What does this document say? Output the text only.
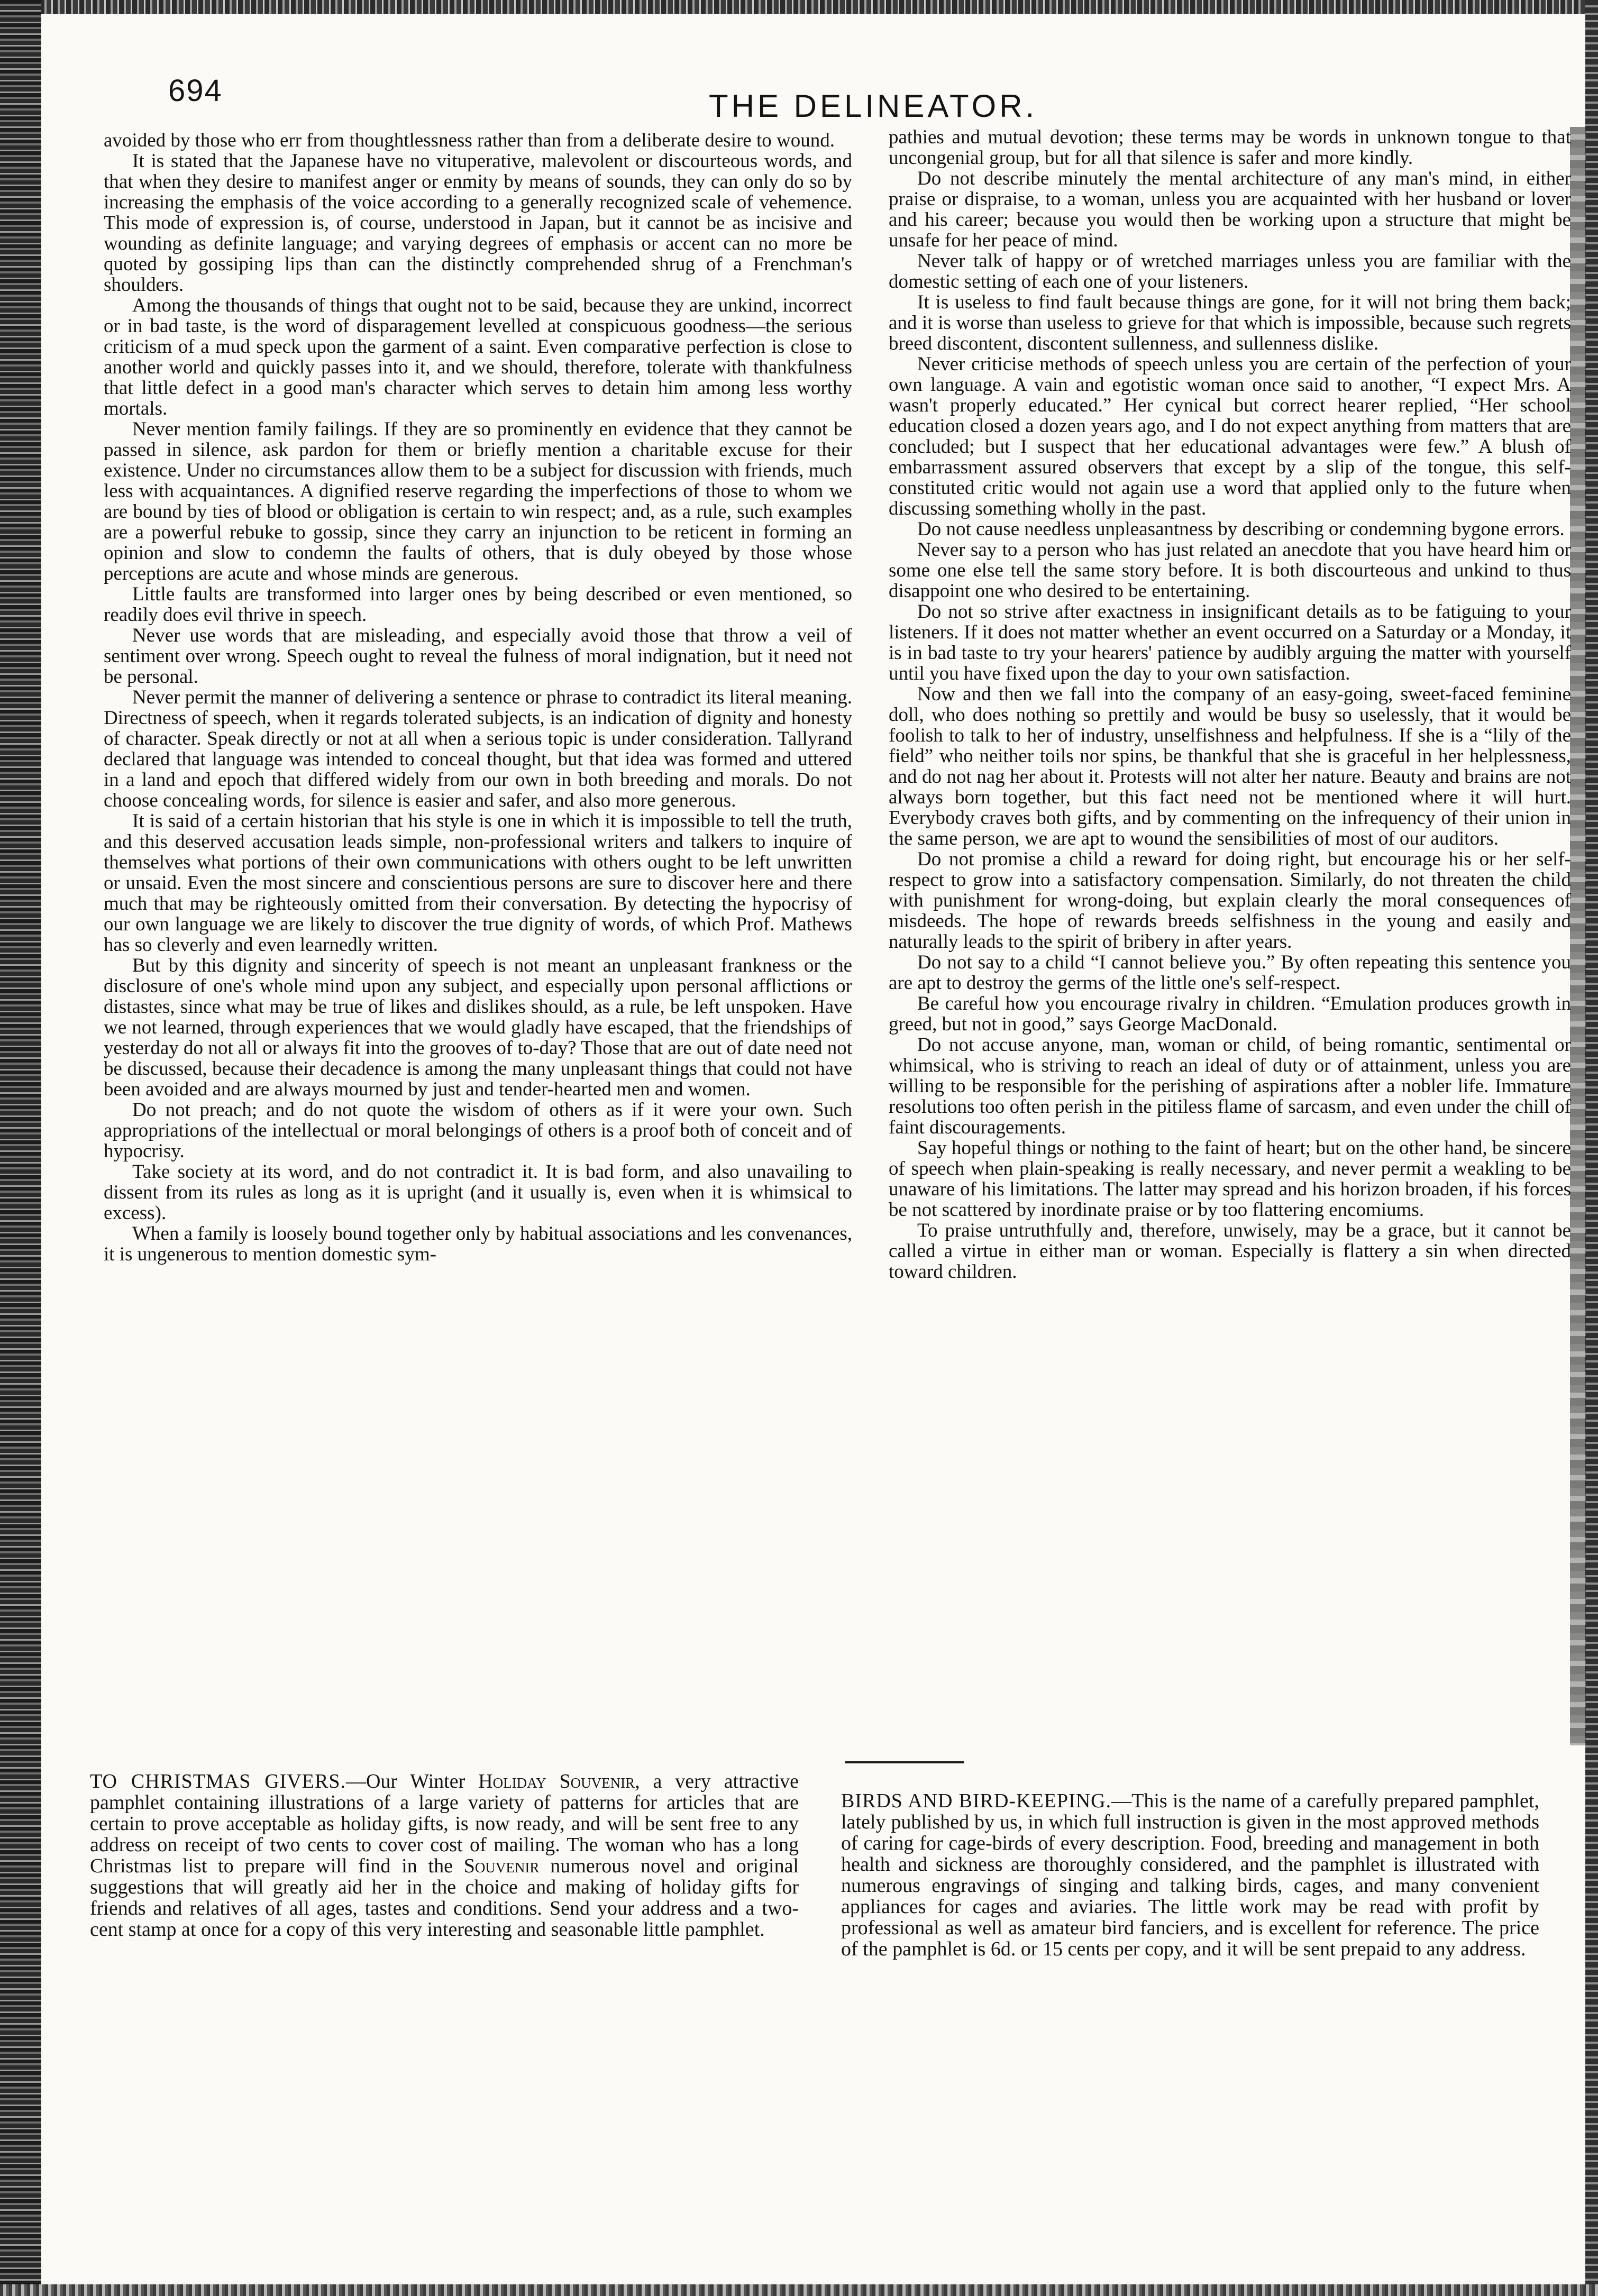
694	THE DELINEATOR.

avoided by those who err from thoughtlessness rather than from a deliberate desire to wound.

It is stated that the Japanese have no vituperative, malevolent or discourteous words, and that when they desire to manifest anger or enmity by means of sounds, they can only do so by increasing the emphasis of the voice according to a generally recognized scale of vehemence. This mode of expression is, of course, understood in Japan, but it cannot be as incisive and wounding as definite language; and varying degrees of emphasis or accent can no more be quoted by gossiping lips than can the distinctly comprehended shrug of a Frenchman's shoulders.

Among the thousands of things that ought not to be said, because they are unkind, incorrect or in bad taste, is the word of disparagement levelled at conspicuous goodness—the serious criticism of a mud speck upon the garment of a saint. Even comparative perfection is close to another world and quickly passes into it, and we should, therefore, tolerate with thankfulness that little defect in a good man's character which serves to detain him among less worthy mortals.

Never mention family failings. If they are so prominently en evidence that they cannot be passed in silence, ask pardon for them or briefly mention a charitable excuse for their existence. Under no circumstances allow them to be a subject for discussion with friends, much less with acquaintances. A dignified reserve regarding the imperfections of those to whom we are bound by ties of blood or obligation is certain to win respect; and, as a rule, such examples are a powerful rebuke to gossip, since they carry an injunction to be reticent in forming an opinion and slow to condemn the faults of others, that is duly obeyed by those whose perceptions are acute and whose minds are generous.

Little faults are transformed into larger ones by being described or even mentioned, so readily does evil thrive in speech.

Never use words that are misleading, and especially avoid those that throw a veil of sentiment over wrong. Speech ought to reveal the fulness of moral indignation, but it need not be personal.

Never permit the manner of delivering a sentence or phrase to contradict its literal meaning. Directness of speech, when it regards tolerated subjects, is an indication of dignity and honesty of character. Speak directly or not at all when a serious topic is under consideration. Tallyrand declared that language was intended to conceal thought, but that idea was formed and uttered in a land and epoch that differed widely from our own in both breeding and morals. Do not choose concealing words, for silence is easier and safer, and also more generous.

It is said of a certain historian that his style is one in which it is impossible to tell the truth, and this deserved accusation leads simple, non-professional writers and talkers to inquire of themselves what portions of their own communications with others ought to be left unwritten or unsaid. Even the most sincere and conscientious persons are sure to discover here and there much that may be righteously omitted from their conversation. By detecting the hypocrisy of our own language we are likely to discover the true dignity of words, of which Prof. Mathews has so cleverly and even learnedly written.

But by this dignity and sincerity of speech is not meant an unpleasant frankness or the disclosure of one's whole mind upon any subject, and especially upon personal afflictions or distastes, since what may be true of likes and dislikes should, as a rule, be left unspoken. Have we not learned, through experiences that we would gladly have escaped, that the friendships of yesterday do not all or always fit into the grooves of to-day? Those that are out of date need not be discussed, because their decadence is among the many unpleasant things that could not have been avoided and are always mourned by just and tender-hearted men and women.

Do not preach; and do not quote the wisdom of others as if it were your own. Such appropriations of the intellectual or moral belongings of others is a proof both of conceit and of hypocrisy.

Take society at its word, and do not contradict it. It is bad form, and also unavailing to dissent from its rules as long as it is upright (and it usually is, even when it is whimsical to excess).

When a family is loosely bound together only by habitual associations and les convenances, it is ungenerous to mention domestic sym-

pathies and mutual devotion; these terms may be words in unknown tongue to that uncongenial group, but for all that silence is safer and more kindly.

Do not describe minutely the mental architecture of any man's mind, in either praise or dispraise, to a woman, unless you are acquainted with her husband or lover and his career; because you would then be working upon a structure that might be unsafe for her peace of mind.

Never talk of happy or of wretched marriages unless you are familiar with the domestic setting of each one of your listeners.

It is useless to find fault because things are gone, for it will not bring them back; and it is worse than useless to grieve for that which is impossible, because such regrets breed discontent, discontent sullenness, and sullenness dislike.

Never criticise methods of speech unless you are certain of the perfection of your own language. A vain and egotistic woman once said to another, “I expect Mrs. A wasn't properly educated.” Her cynical but correct hearer replied, “Her school education closed a dozen years ago, and I do not expect anything from matters that are concluded; but I suspect that her educational advantages were few.” A blush of embarrassment assured observers that except by a slip of the tongue, this self-constituted critic would not again use a word that applied only to the future when discussing something wholly in the past.

Do not cause needless unpleasantness by describing or condemning bygone errors.

Never say to a person who has just related an anecdote that you have heard him or some one else tell the same story before. It is both discourteous and unkind to thus disappoint one who desired to be entertaining.

Do not so strive after exactness in insignificant details as to be fatiguing to your listeners. If it does not matter whether an event occurred on a Saturday or a Monday, it is in bad taste to try your hearers' patience by audibly arguing the matter with yourself until you have fixed upon the day to your own satisfaction.

Now and then we fall into the company of an easy-going, sweet-faced feminine doll, who does nothing so prettily and would be busy so uselessly, that it would be foolish to talk to her of industry, unselfishness and helpfulness. If she is a “lily of the field” who neither toils nor spins, be thankful that she is graceful in her helplessness, and do not nag her about it. Protests will not alter her nature. Beauty and brains are not always born together, but this fact need not be mentioned where it will hurt. Everybody craves both gifts, and by commenting on the infrequency of their union in the same person, we are apt to wound the sensibilities of most of our auditors.

Do not promise a child a reward for doing right, but encourage his or her self-respect to grow into a satisfactory compensation. Similarly, do not threaten the child with punishment for wrong-doing, but explain clearly the moral consequences of misdeeds. The hope of rewards breeds selfishness in the young and easily and naturally leads to the spirit of bribery in after years.

Do not say to a child “I cannot believe you.” By often repeating this sentence you are apt to destroy the germs of the little one's self-respect.

Be careful how you encourage rivalry in children. “Emulation produces growth in greed, but not in good,” says George MacDonald.

Do not accuse anyone, man, woman or child, of being romantic, sentimental or whimsical, who is striving to reach an ideal of duty or of attainment, unless you are willing to be responsible for the perishing of aspirations after a nobler life. Immature resolutions too often perish in the pitiless flame of sarcasm, and even under the chill of faint discouragements.

Say hopeful things or nothing to the faint of heart; but on the other hand, be sincere of speech when plain-speaking is really necessary, and never permit a weakling to be unaware of his limitations. The latter may spread and his horizon broaden, if his forces be not scattered by inordinate praise or by too flattering encomiums.

To praise untruthfully and, therefore, unwisely, may be a grace, but it cannot be called a virtue in either man or woman. Especially is flattery a sin when directed toward children.

TO CHRISTMAS GIVERS.—Our Winter Holiday Souvenir, a very attractive pamphlet containing illustrations of a large variety of patterns for articles that are certain to prove acceptable as holiday gifts, is now ready, and will be sent free to any address on receipt of two cents to cover cost of mailing. The woman who has a long Christmas list to prepare will find in the Souvenir numerous novel and original suggestions that will greatly aid her in the choice and making of holiday gifts for friends and relatives of all ages, tastes and conditions. Send your address and a two-cent stamp at once for a copy of this very interesting and seasonable little pamphlet.
BIRDS AND BIRD-KEEPING.—This is the name of a carefully prepared pamphlet, lately published by us, in which full instruction is given in the most approved methods of caring for cage-birds of every description. Food, breeding and management in both health and sickness are thoroughly considered, and the pamphlet is illustrated with numerous engravings of singing and talking birds, cages, and many convenient appliances for cages and aviaries. The little work may be read with profit by professional as well as amateur bird fanciers, and is excellent for reference. The price of the pamphlet is 6d. or 15 cents per copy, and it will be sent prepaid to any address.
